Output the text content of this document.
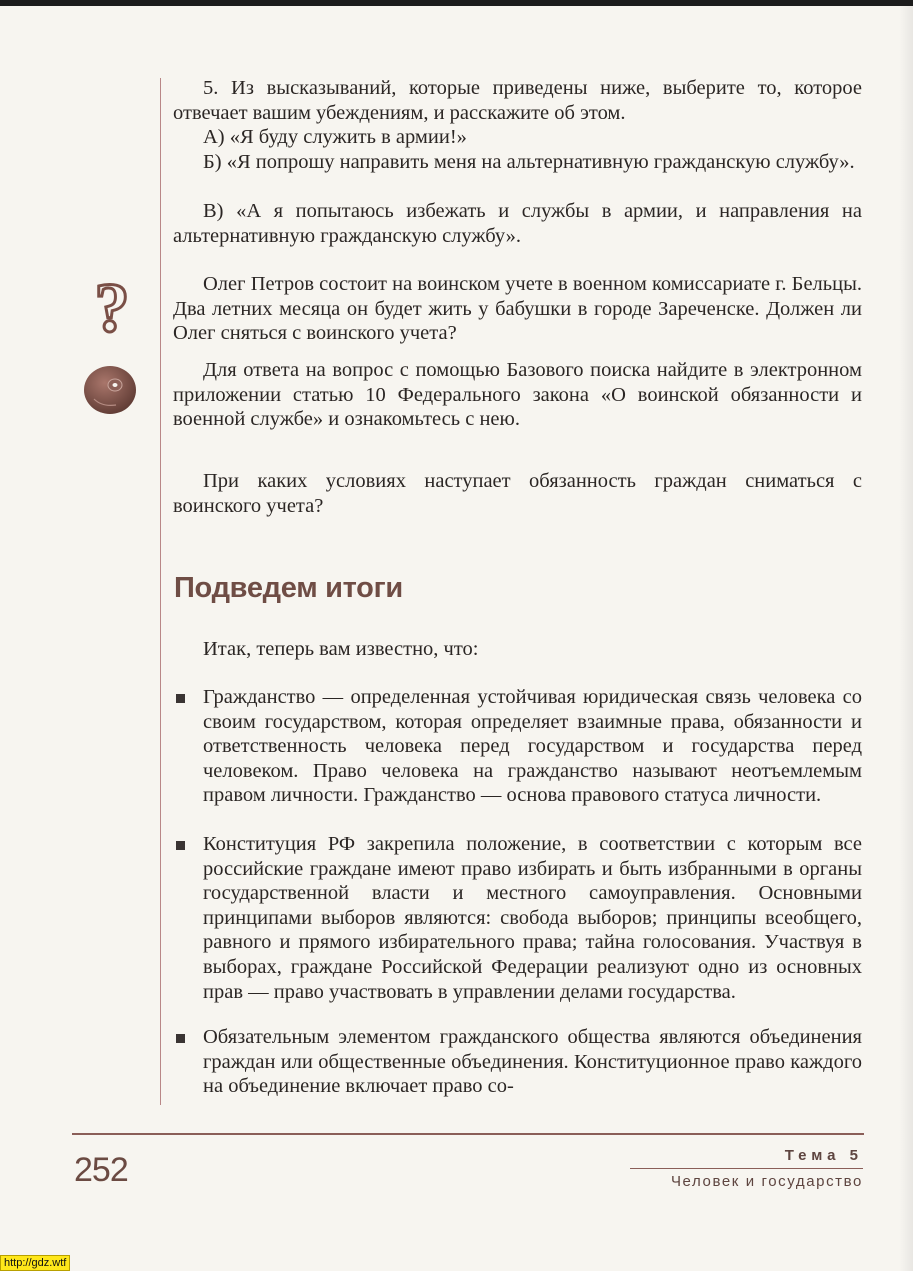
5. Из высказываний, которые приведены ниже, выберите то, которое отвечает вашим убеждениям, и расскажите об этом.

А) «Я буду служить в армии!»

Б) «Я попрошу направить меня на альтернативную гражданскую службу».

В) «А я попытаюсь избежать и службы в армии, и направления на альтернативную гражданскую службу».

?	Олег Петров состоит на воинском учете в военном комиссариате г. Бельцы. Два летних месяца он будет жить у бабушки в городе Зареченске. Должен ли Олег сняться с воинского учета?

Для ответа на вопрос с помощью Базового поиска найдите в электронном приложении статью 10 Федерального закона «О воинской обязанности и военной службе» и ознакомьтесь с нею.

При каких условиях наступает обязанность граждан сниматься с воинского учета?

Подведем итоги

Итак, теперь вам известно, что:

Гражданство — определенная устойчивая юридическая связь человека со своим государством, которая определяет взаимные права, обязанности и ответственность человека перед государством и государства перед человеком. Право человека на гражданство называют неотъемлемым правом личности. Гражданство — основа правового статуса личности.

Конституция РФ закрепила положение, в соответствии с которым все российские граждане имеют право избирать и быть избранными в органы государственной власти и местного самоуправления. Основными принципами выборов являются: свобода выборов; принципы всеобщего, равного и прямого избирательного права; тайна голосования. Участвуя в выборах, граждане Российской Федерации реализуют одно из основных прав — право участвовать в управлении делами государства.

Обязательным элементом гражданского общества являются объединения граждан или общественные объединения. Конституционное право каждого на объединение включает право со-

252	Тема 5
Человек и государство
http://gdz.wtf
